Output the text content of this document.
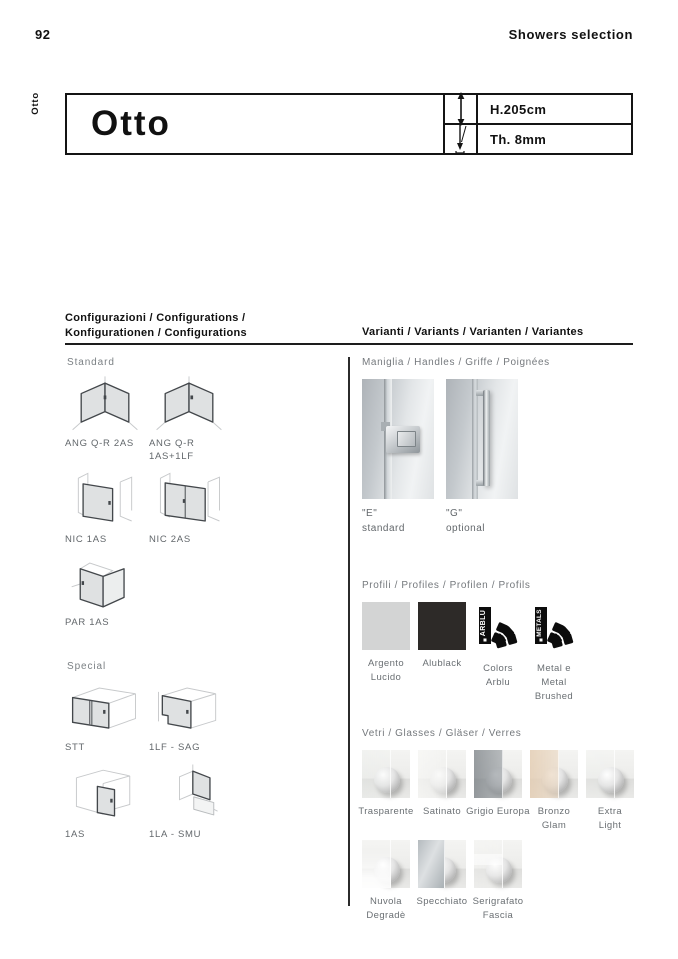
92	Showers selection
Otto
Otto	H.205cm
Th. 8mm
Configurazioni / Configurations /
Konfigurationen / Configurations	Varianti / Variants / Varianten / Variantes
Standard
ANG Q-R 2AS	ANG Q-R 1AS+1LF
NIC 1AS	NIC 2AS
PAR 1AS
Special
STT	1LF - SAG
1AS	1LA - SMU
Maniglia / Handles / Griffe / Poignées
"E"
standard
"G"
optional
Profili / Profiles / Profilen / Profils
Argento Lucido
Alublack
ARBLU
Colors Arblu
METALS
Metal e Metal Brushed
Vetri / Glasses / Gläser / Verres
Trasparente Satinato Grigio Europa Bronzo Glam
Extra Light
Nuvola Degradè
Specchiato Serigrafato Fascia
